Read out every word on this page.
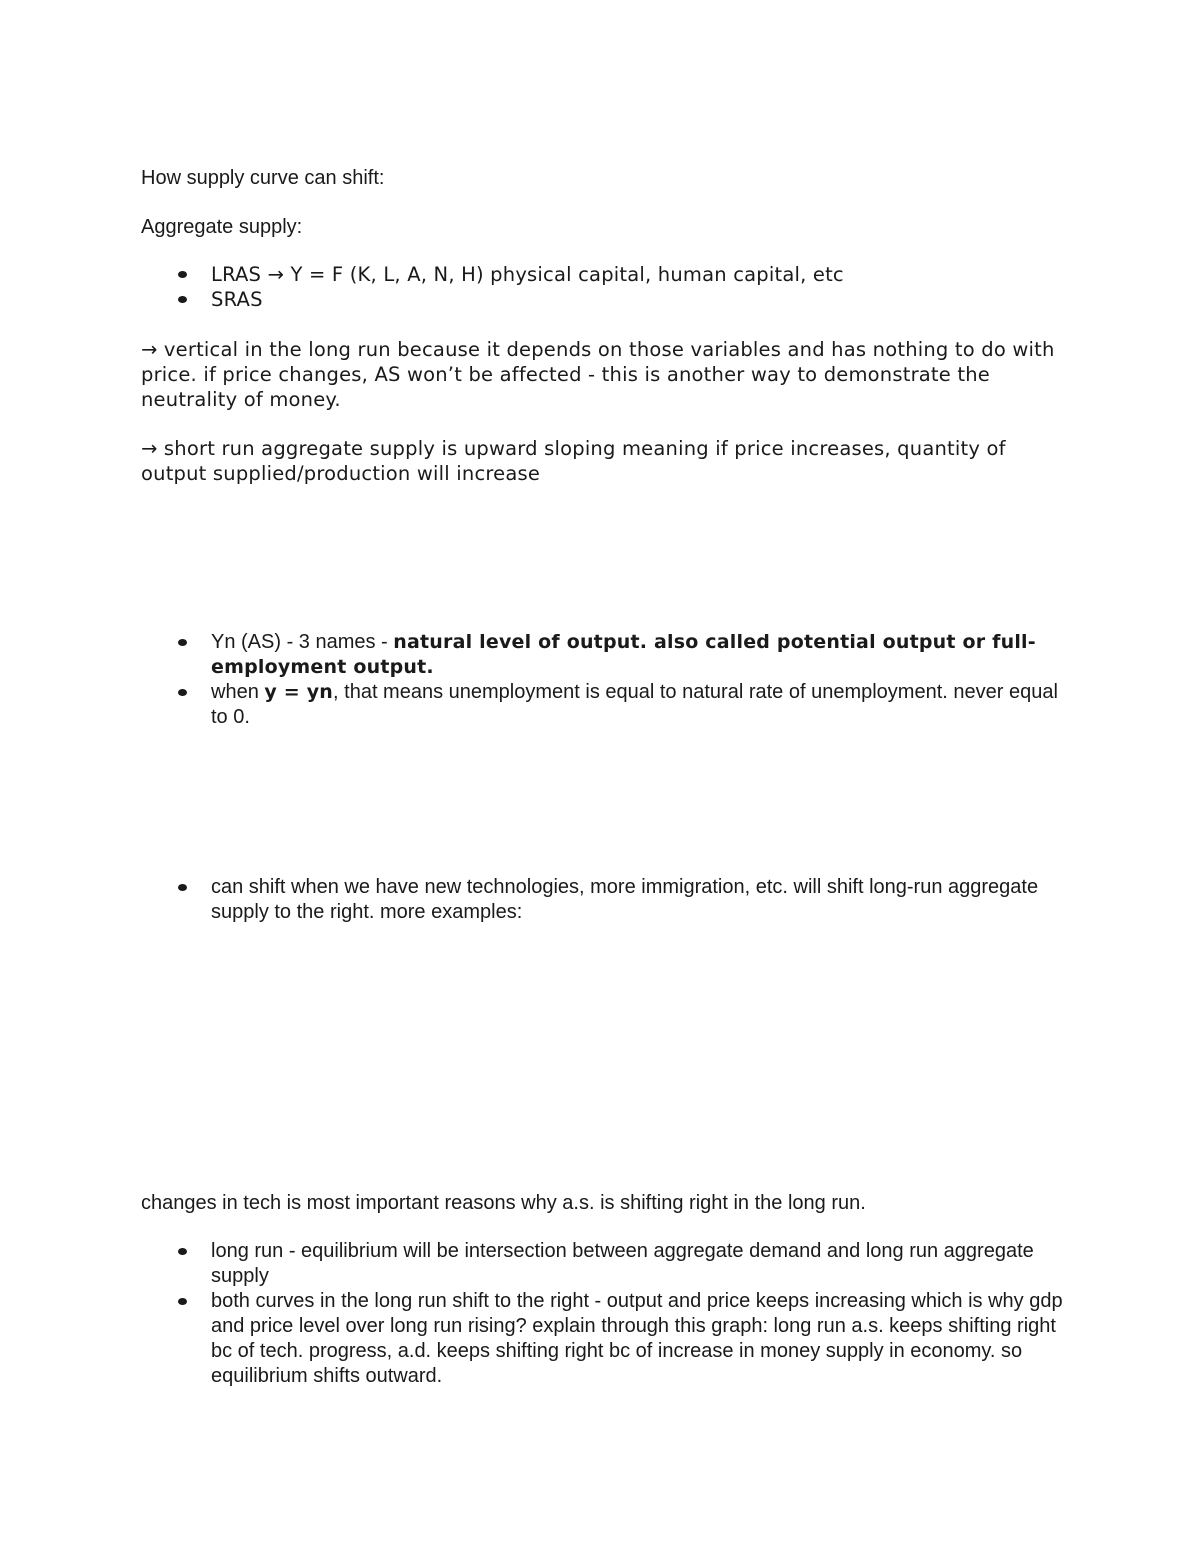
How supply curve can shift:

Aggregate supply:

LRAS → Y = F (K, L, A, N, H) physical capital, human capital, etc
SRAS

→ vertical in the long run because it depends on those variables and has nothing to do with price. if price changes, AS won’t be affected - this is another way to demonstrate the neutrality of money.

→ short run aggregate supply is upward sloping meaning if price increases, quantity of output supplied/production will increase

Yn (AS) - 3 names - natural level of output. also called potential output or full-employment output.
when y = yn, that means unemployment is equal to natural rate of unemployment. never equal to 0.
can shift when we have new technologies, more immigration, etc. will shift long-run aggregate supply to the right. more examples:

changes in tech is most important reasons why a.s. is shifting right in the long run.

long run - equilibrium will be intersection between aggregate demand and long run aggregate supply
both curves in the long run shift to the right - output and price keeps increasing which is why gdp and price level over long run rising? explain through this graph: long run a.s. keeps shifting right bc of tech. progress, a.d. keeps shifting right bc of increase in money supply in economy. so equilibrium shifts outward.
